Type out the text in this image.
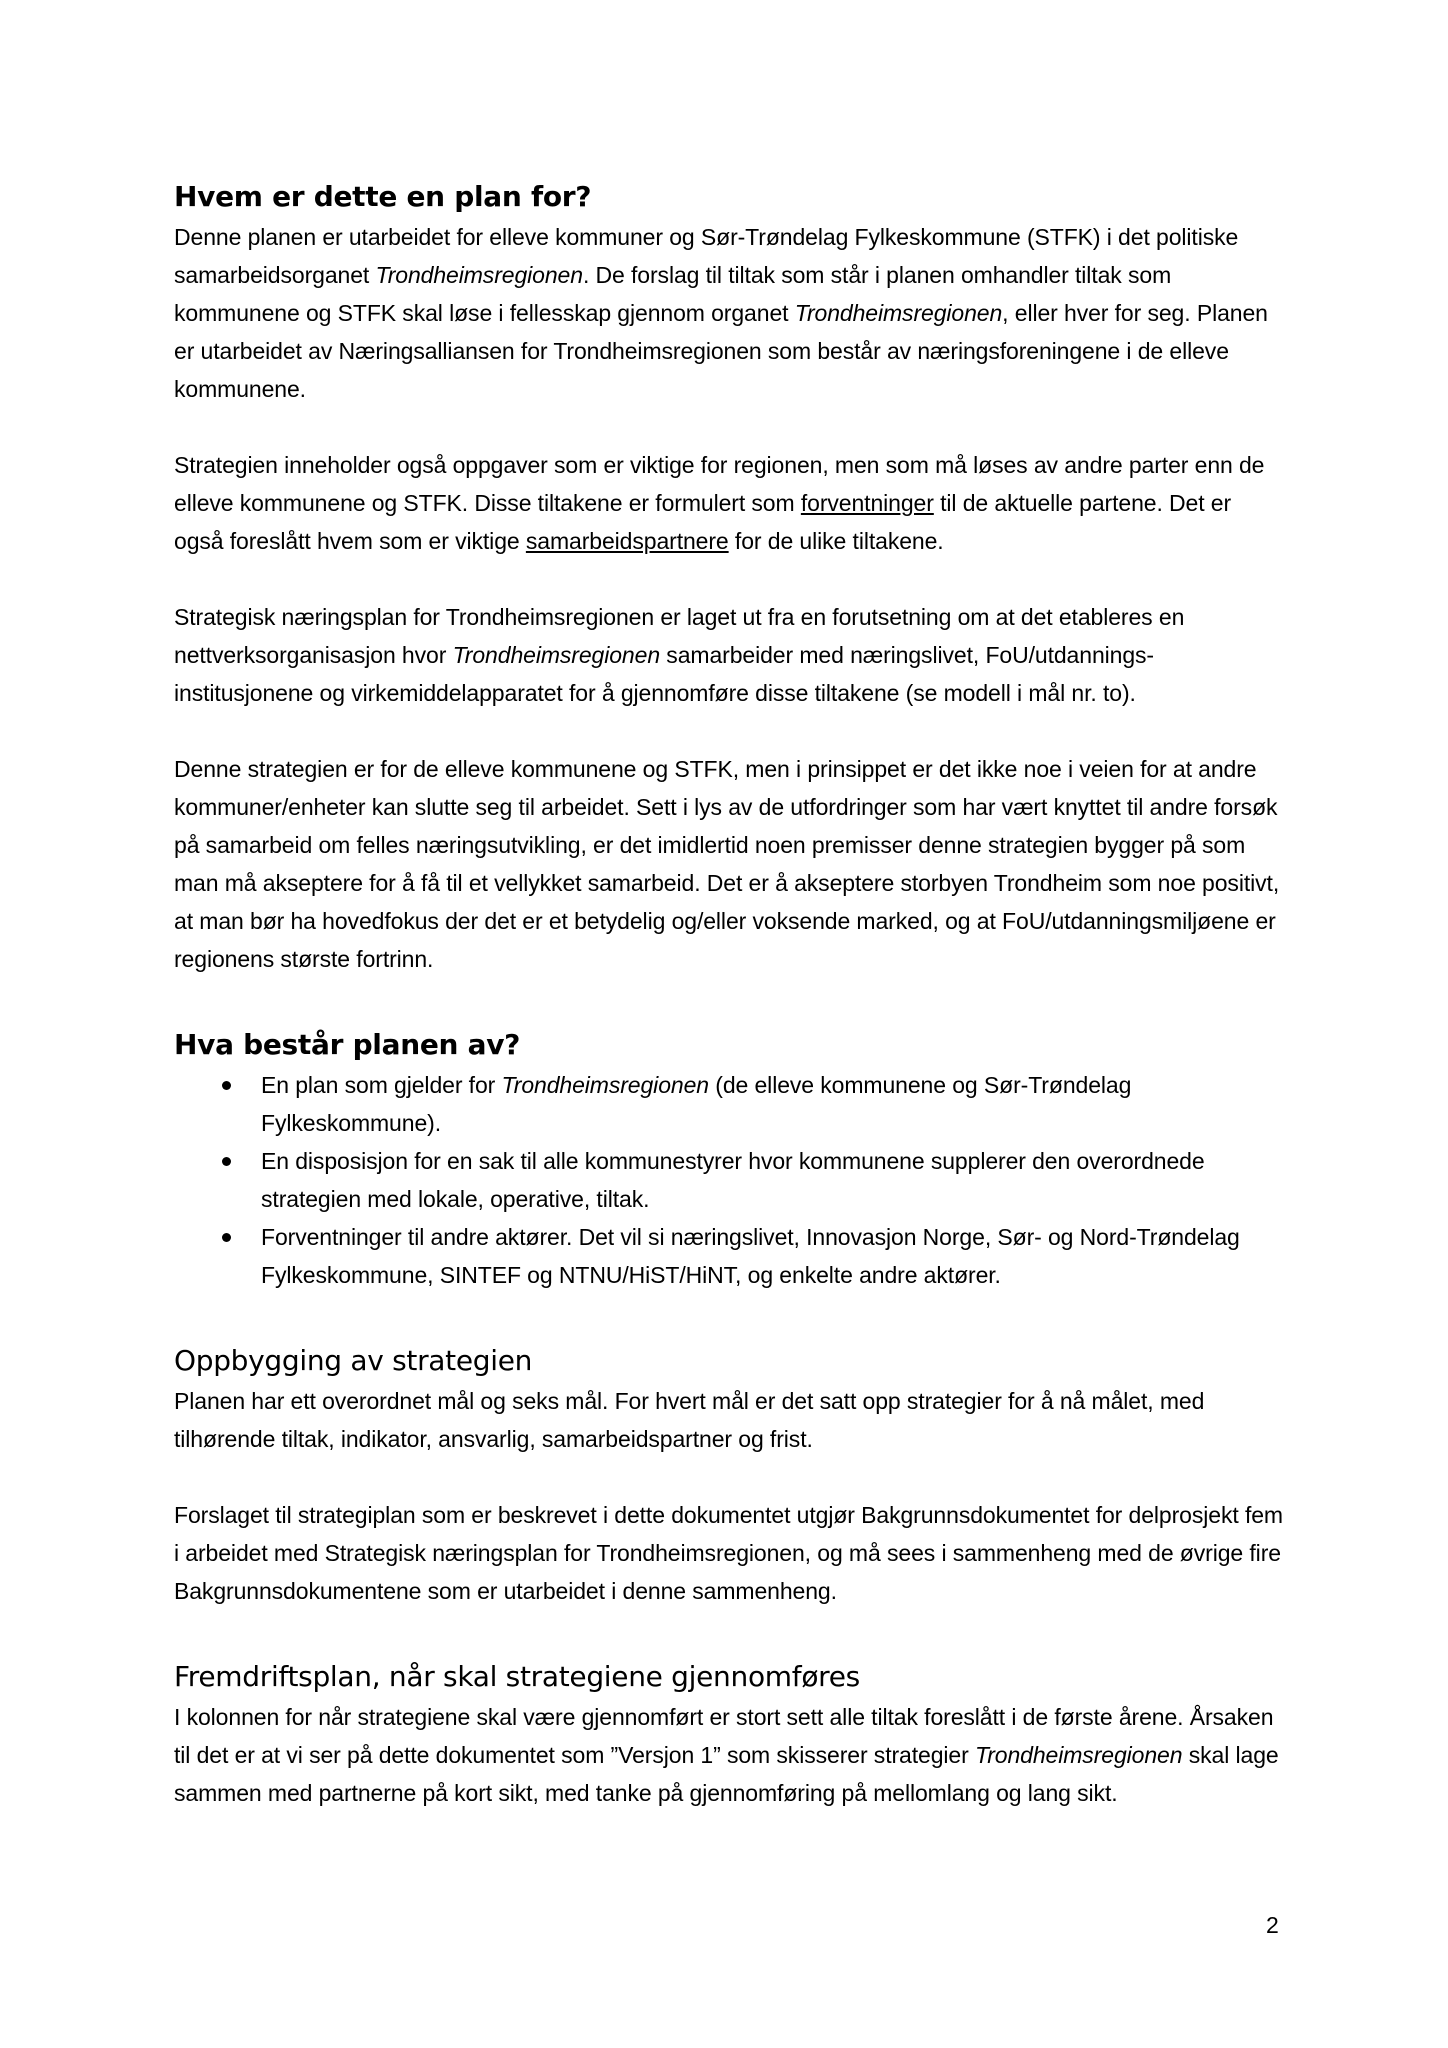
Hvem er dette en plan for?

Denne planen er utarbeidet for elleve kommuner og Sør-Trøndelag Fylkeskommune (STFK) i det politiske samarbeidsorganet Trondheimsregionen. De forslag til tiltak som står i planen omhandler tiltak som kommunene og STFK skal løse i fellesskap gjennom organet Trondheimsregionen, eller hver for seg. Planen er utarbeidet av Næringsalliansen for Trondheimsregionen som består av næringsforeningene i de elleve kommunene.

Strategien inneholder også oppgaver som er viktige for regionen, men som må løses av andre parter enn de elleve kommunene og STFK. Disse tiltakene er formulert som forventninger til de aktuelle partene. Det er også foreslått hvem som er viktige samarbeidspartnere for de ulike tiltakene.

Strategisk næringsplan for Trondheimsregionen er laget ut fra en forutsetning om at det etableres en nettverksorganisasjon hvor Trondheimsregionen samarbeider med næringslivet, FoU/utdannings-institusjonene og virkemiddelapparatet for å gjennomføre disse tiltakene (se modell i mål nr. to).

Denne strategien er for de elleve kommunene og STFK, men i prinsippet er det ikke noe i veien for at andre kommuner/enheter kan slutte seg til arbeidet. Sett i lys av de utfordringer som har vært knyttet til andre forsøk på samarbeid om felles næringsutvikling, er det imidlertid noen premisser denne strategien bygger på som man må akseptere for å få til et vellykket samarbeid. Det er å akseptere storbyen Trondheim som noe positivt, at man bør ha hovedfokus der det er et betydelig og/eller voksende marked, og at FoU/utdanningsmiljøene er regionens største fortrinn.

Hva består planen av?
En plan som gjelder for Trondheimsregionen (de elleve kommunene og Sør-Trøndelag Fylkeskommune).
En disposisjon for en sak til alle kommunestyrer hvor kommunene supplerer den overordnede strategien med lokale, operative, tiltak.
Forventninger til andre aktører. Det vil si næringslivet, Innovasjon Norge, Sør- og Nord-Trøndelag Fylkeskommune, SINTEF og NTNU/HiST/HiNT, og enkelte andre aktører.
Oppbygging av strategien

Planen har ett overordnet mål og seks mål. For hvert mål er det satt opp strategier for å nå målet, med tilhørende tiltak, indikator, ansvarlig, samarbeidspartner og frist.

Forslaget til strategiplan som er beskrevet i dette dokumentet utgjør Bakgrunnsdokumentet for delprosjekt fem i arbeidet med Strategisk næringsplan for Trondheimsregionen, og må sees i sammenheng med de øvrige fire Bakgrunnsdokumentene som er utarbeidet i denne sammenheng.

Fremdriftsplan, når skal strategiene gjennomføres

I kolonnen for når strategiene skal være gjennomført er stort sett alle tiltak foreslått i de første årene. Årsaken til det er at vi ser på dette dokumentet som ”Versjon 1” som skisserer strategier Trondheimsregionen skal lage sammen med partnerne på kort sikt, med tanke på gjennomføring på mellomlang og lang sikt.

2
